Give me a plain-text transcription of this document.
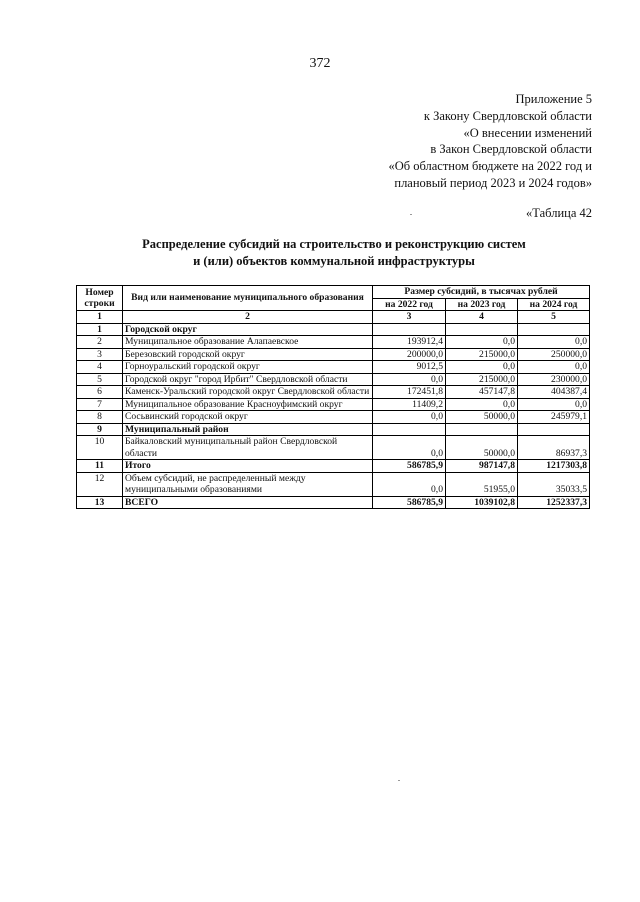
372
Приложение 5
к Закону Свердловской области
«О внесении изменений
в Закон Свердловской области
«Об областном бюджете на 2022 год и
плановый период 2023 и 2024 годов»
«Таблица 42
Распределение субсидий на строительство и реконструкцию систем
и (или) объектов коммунальной инфраструктуры
Номер строки	Вид или наименование муниципального образования	Размер субсидий, в тысячах рублей		
		на 2022 год	на 2023 год	на 2024 год
1	2	3	4	5
1	Городской округ			
2	Муниципальное образование Алапаевское	193912,4	0,0	0,0
3	Березовский городской округ	200000,0	215000,0	250000,0
4	Горноуральский городской округ	9012,5	0,0	0,0
5	Городской округ "город Ирбит" Свердловской области	0,0	215000,0	230000,0
6	Каменск-Уральский городской округ Свердловской области	172451,8	457147,8	404387,4
7	Муниципальное образование Красноуфимский округ	11409,2	0,0	0,0
8	Сосьвинский городской округ	0,0	50000,0	245979,1
9	Муниципальный район			
10	Байкаловский муниципальный район Свердловской области	0,0	50000,0	86937,3
11	Итого	586785,9	987147,8	1217303,8
12	Объем субсидий, не распределенный между муниципальными образованиями	0,0	51955,0	35033,5
13	ВСЕГО	586785,9	1039102,8	1252337,3
